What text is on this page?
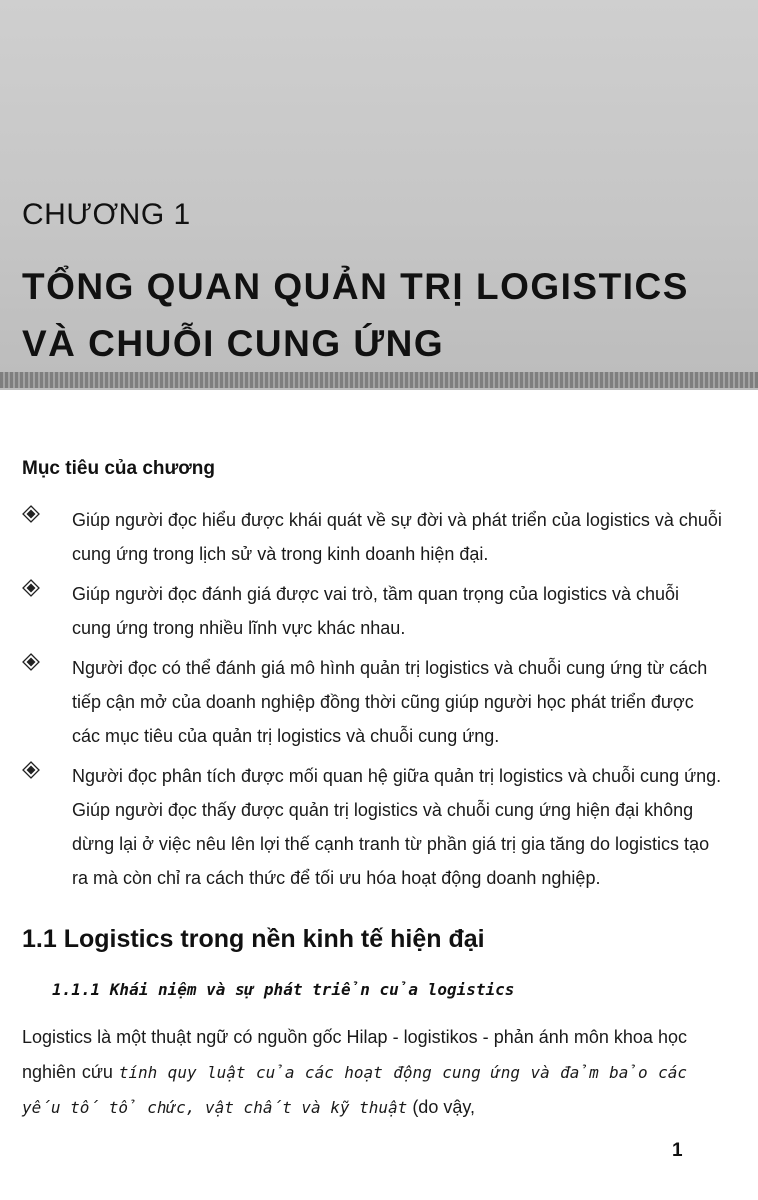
CHƯƠNG 1
TỔNG QUAN QUẢN TRỊ LOGISTICS
VÀ CHUỖI CUNG ỨNG
Mục tiêu của chương
Giúp người đọc hiểu được khái quát về sự đời và phát triển của logistics và chuỗi cung ứng trong lịch sử và trong kinh doanh hiện đại.
Giúp người đọc đánh giá được vai trò, tầm quan trọng của logistics và chuỗi cung ứng trong nhiều lĩnh vực khác nhau.
Người đọc có thể đánh giá mô hình quản trị logistics và chuỗi cung ứng từ cách tiếp cận mở của doanh nghiệp đồng thời cũng giúp người học phát triển được các mục tiêu của quản trị logistics và chuỗi cung ứng.
Người đọc phân tích được mối quan hệ giữa quản trị logistics và chuỗi cung ứng. Giúp người đọc thấy được quản trị logistics và chuỗi cung ứng hiện đại không dừng lại ở việc nêu lên lợi thế cạnh tranh từ phần giá trị gia tăng do logistics tạo ra mà còn chỉ ra cách thức để tối ưu hóa hoạt động doanh nghiệp.
1.1 Logistics trong nền kinh tế hiện đại
1.1.1 Khái niệm và sự phát triển của logistics
Logistics là một thuật ngữ có nguồn gốc Hilap - logistikos - phản ánh môn khoa học nghiên cứu tính quy luật của các hoạt động cung ứng và đảm bảo các yếu tố tổ chức, vật chất và kỹ thuật (do vậy,
1
